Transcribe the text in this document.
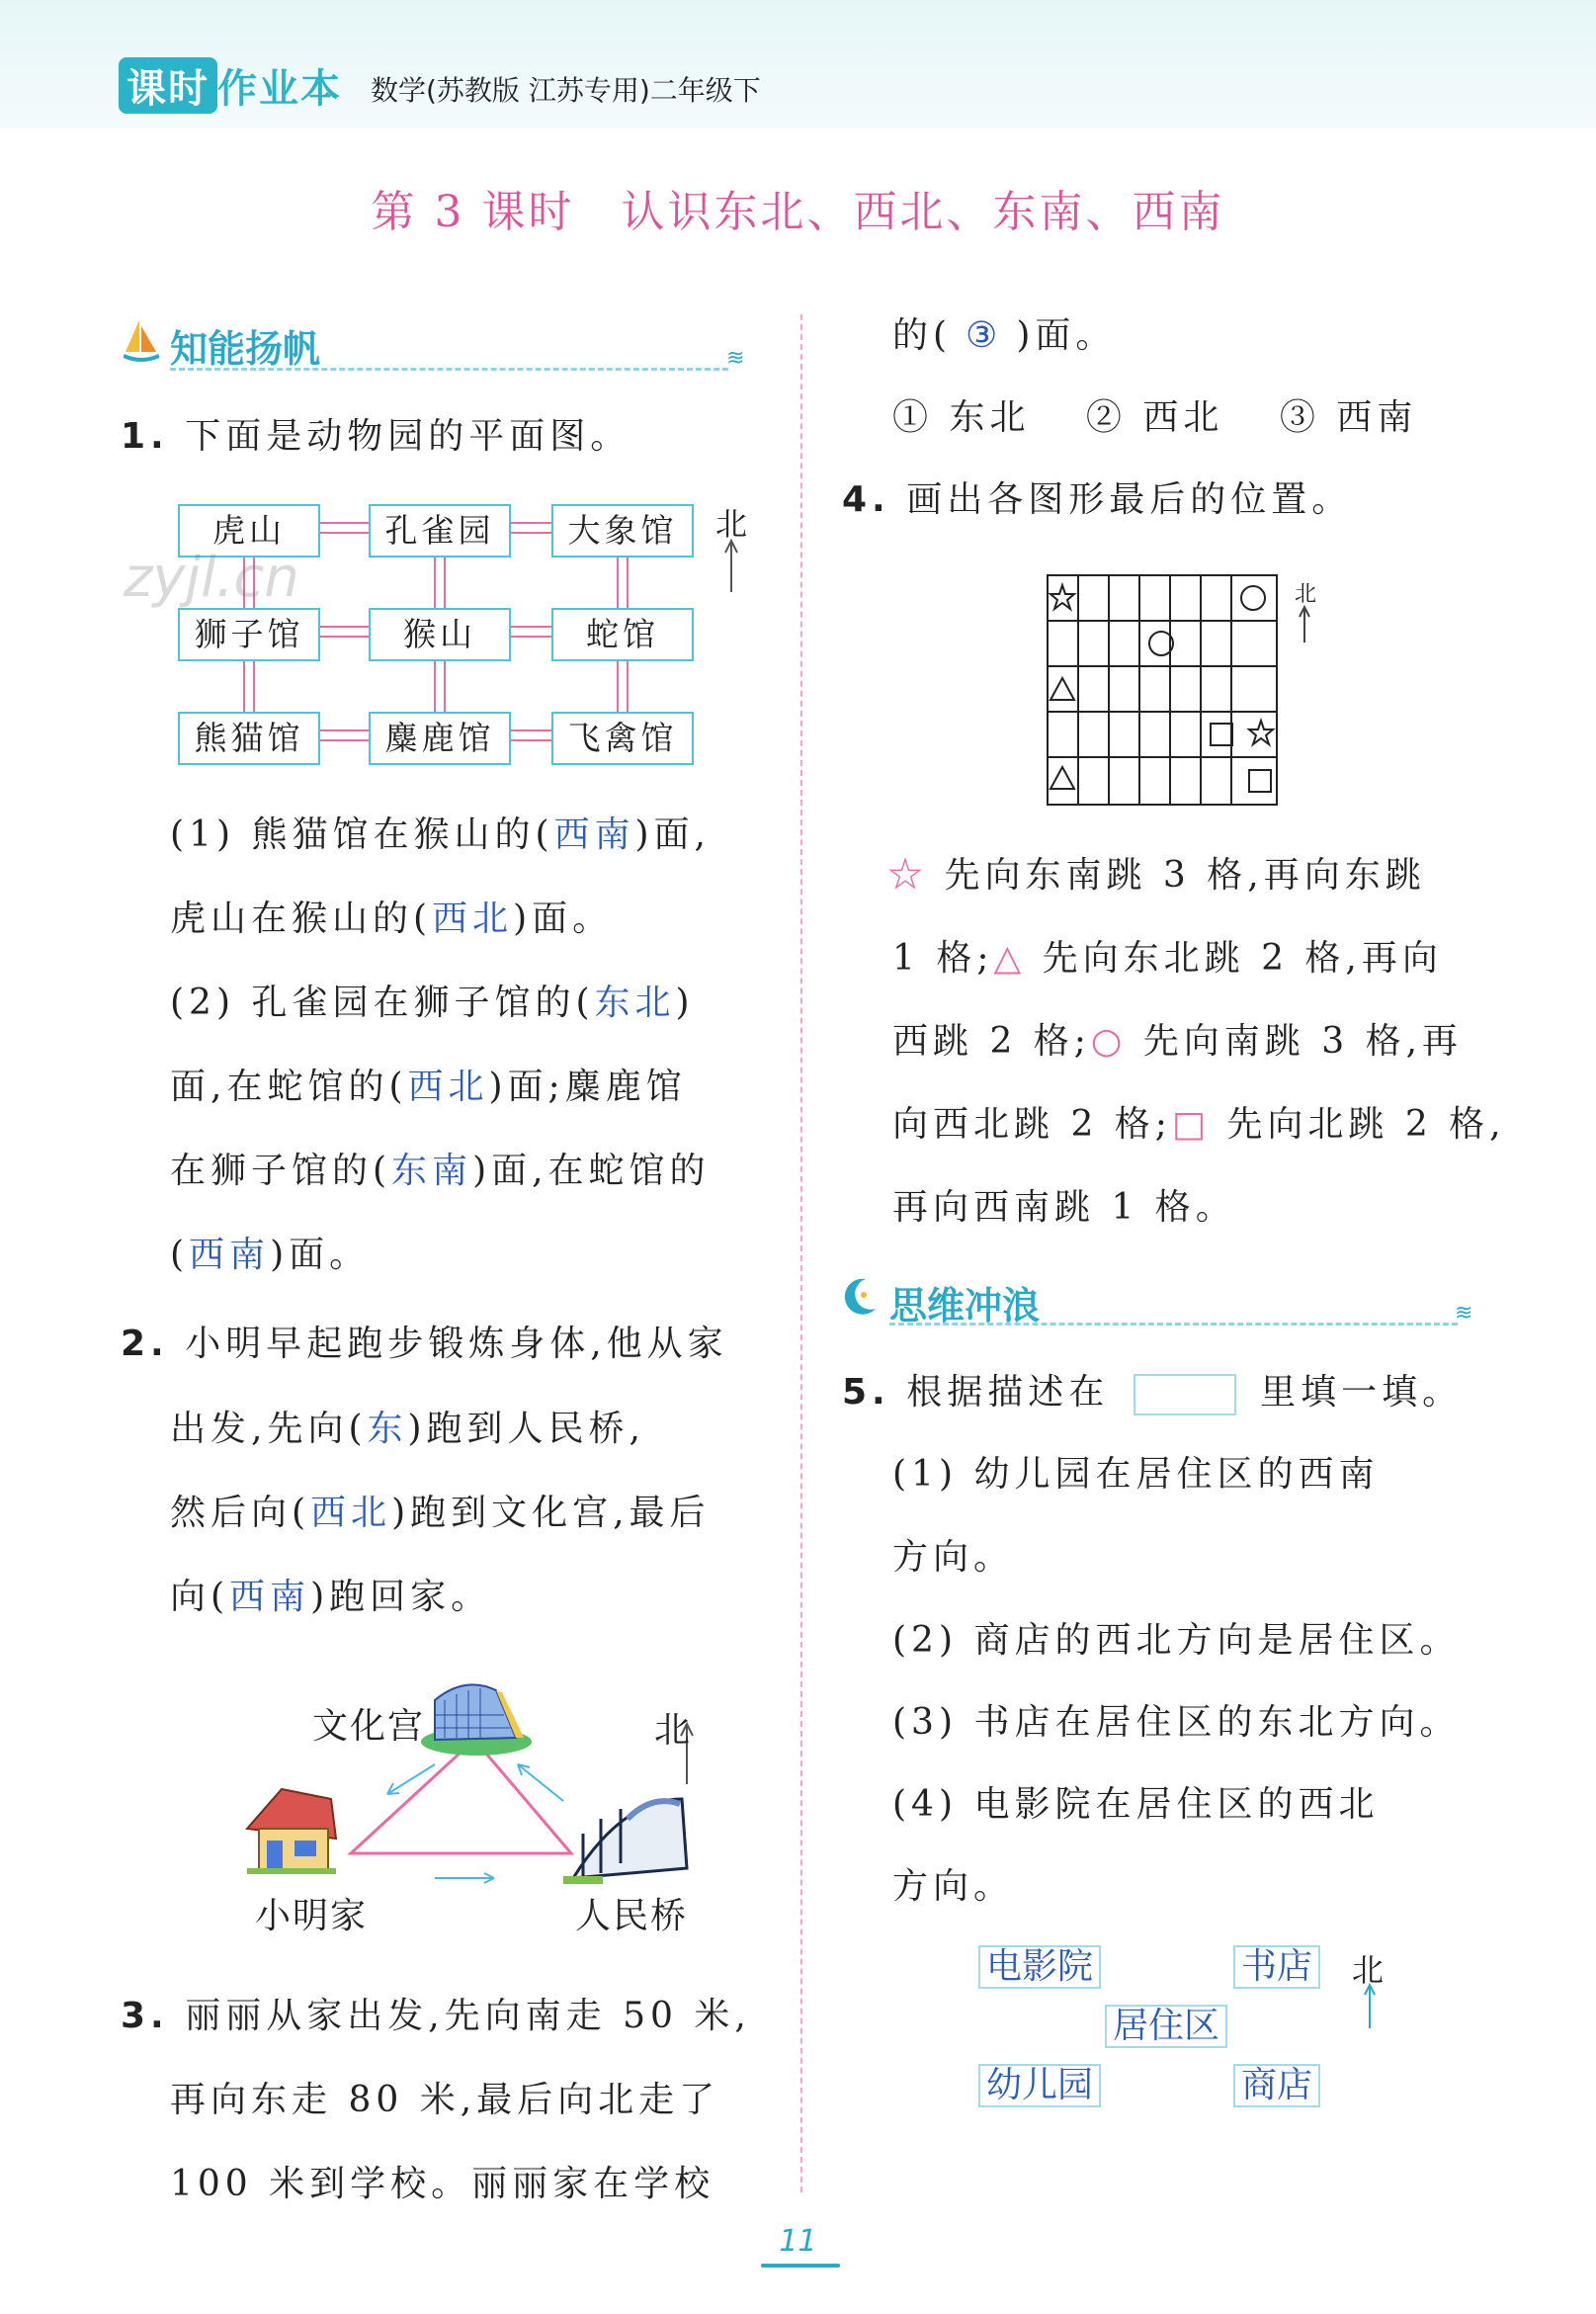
课时 作业本 数学(苏教版 江苏专用)二年级下
第 3 课时　认识东北、西北、东南、西南
知能扬帆	≋
1. 下面是动物园的平面图。
虎山	孔雀园	大象馆
狮子馆	猴山	蛇馆
熊猫馆	麋鹿馆	飞禽馆
北
zyjl.cn
(1) 熊猫馆在猴山的(西南)面,
虎山在猴山的(西北)面。
(2) 孔雀园在狮子馆的(东北)
面,在蛇馆的(西北)面;麋鹿馆
在狮子馆的(东南)面,在蛇馆的
(西南)面。
2. 小明早起跑步锻炼身体,他从家
出发,先向(东)跑到人民桥,
然后向(西北)跑到文化宫,最后
向(西南)跑回家。
文化宫	北
小明家	人民桥
3. 丽丽从家出发,先向南走 50 米,
再向东走 80 米,最后向北走了
100 米到学校。丽丽家在学校
的( ③ )面。
① 东北 ② 西北 ③ 西南
4. 画出各图形最后的位置。
北
☆ 先向东南跳 3 格,再向东跳
1 格;△ 先向东北跳 2 格,再向
西跳 2 格;○ 先向南跳 3 格,再
向西北跳 2 格;□ 先向北跳 2 格,
再向西南跳 1 格。
思维冲浪	≋
5. 根据描述在	里填一填。
(1) 幼儿园在居住区的西南
方向。
(2) 商店的西北方向是居住区。
(3) 书店在居住区的东北方向。
(4) 电影院在居住区的西北
方向。
电影院	书店
居住区
幼儿园	商店
北
11
